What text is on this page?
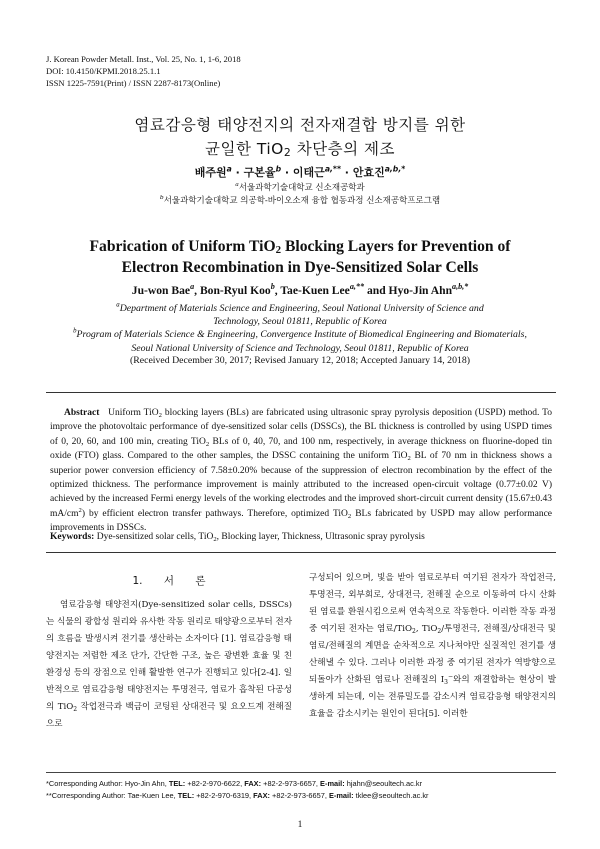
J. Korean Powder Metall. Inst., Vol. 25, No. 1, 1-6, 2018
DOI: 10.4150/KPMI.2018.25.1.1
ISSN 1225-7591(Print) / ISSN 2287-8173(Online)
염료감응형 태양전지의 전자재결합 방지를 위한
균일한 TiO$_2$ 차단층의 제조
배주원$^a$ · 구본율$^b$ · 이태근$^{a,**}$ · 안효진$^{a,b,*}$
$^a$서울과학기술대학교 신소재공학과
$^b$서울과학기술대학교 의공학-바이오소재 융합 협동과정 신소재공학프로그램
Fabrication of Uniform TiO$_2$ Blocking Layers for Prevention of
Electron Recombination in Dye-Sensitized Solar Cells
Ju-won Bae$^a$, Bon-Ryul Koo$^b$, Tae-Kuen Lee$^{a,**}$ and Hyo-Jin Ahn$^{a,b,*}$
$^a$Department of Materials Science and Engineering, Seoul National University of Science and
Technology, Seoul 01811, Republic of Korea
$^b$Program of Materials Science & Engineering, Convergence Institute of Biomedical Engineering and Biomaterials,
Seoul National University of Science and Technology, Seoul 01811, Republic of Korea
(Received December 30, 2017; Revised January 12, 2018; Accepted January 14, 2018)
Abstract Uniform TiO$_2$ blocking layers (BLs) are fabricated using ultrasonic spray pyrolysis deposition (USPD) method. To improve the photovoltaic performance of dye-sensitized solar cells (DSSCs), the BL thickness is controlled by using USPD times of 0, 20, 60, and 100 min, creating TiO$_2$ BLs of 0, 40, 70, and 100 nm, respectively, in average thickness on fluorine-doped tin oxide (FTO) glass. Compared to the other samples, the DSSC containing the uniform TiO$_2$ BL of 70 nm in thickness shows a superior power conversion efficiency of 7.58±0.20% because of the suppression of electron recombination by the effect of the optimized thickness. The performance improvement is mainly attributed to the increased open-circuit voltage (0.77±0.02 V) achieved by the increased Fermi energy levels of the working electrodes and the improved short-circuit current density (15.67±0.43 $mA/cm^2$) by efficient electron transfer pathways. Therefore, optimized TiO$_2$ BLs fabricated by USPD may allow performance improvements in DSSCs.
Keywords: Dye-sensitized solar cells, TiO$_2$, Blocking layer, Thickness, Ultrasonic spray pyrolysis
1. 서 론

염료감응형 태양전지(Dye-sensitized solar cells, DSSCs)는 식물의 광합성 원리와 유사한 작동 원리로 태양광으로부터 전자의 흐름을 발생시켜 전기를 생산하는 소자이다 [1]. 염료감응형 태양전지는 저렴한 제조 단가, 간단한 구조, 높은 광변환 효율 및 친환경성 등의 장점으로 인해 활발한 연구가 진행되고 있다[2-4]. 일반적으로 염료감응형 태양전지는 투명전극, 염료가 흡착된 다공성의 TiO$_2$ 작업전극과 백금이 코팅된 상대전극 및 요오드계 전해질으로

구성되어 있으며, 빛을 받아 염료로부터 여기된 전자가 작업전극, 투명전극, 외부회로, 상대전극, 전해질 순으로 이동하여 다시 산화된 염료를 환원시킴으로써 연속적으로 작동한다. 이러한 작동 과정 중 여기된 전자는 염료/TiO$_2$, TiO$_2$/투명전극, 전해질/상대전극 및 염료/전해질의 계면을 순차적으로 지나쳐야만 실질적인 전기를 생산해낼 수 있다. 그러나 이러한 과정 중 여기된 전자가 역방향으로 되돌아가 산화된 염료나 전해질의 $I_3^-$와의 재결합하는 현상이 발생하게 되는데, 이는 전류밀도를 감소시켜 염료감응형 태양전지의 효율을 감소시키는 원인이 된다[5]. 이러한

*Corresponding Author: Hyo-Jin Ahn, TEL: +82-2-970-6622, FAX: +82-2-973-6657, E-mail: hjahn@seoultech.ac.kr
**Corresponding Author: Tae-Kuen Lee, TEL: +82-2-970-6319, FAX: +82-2-973-6657, E-mail: tklee@seoultech.ac.kr
1
